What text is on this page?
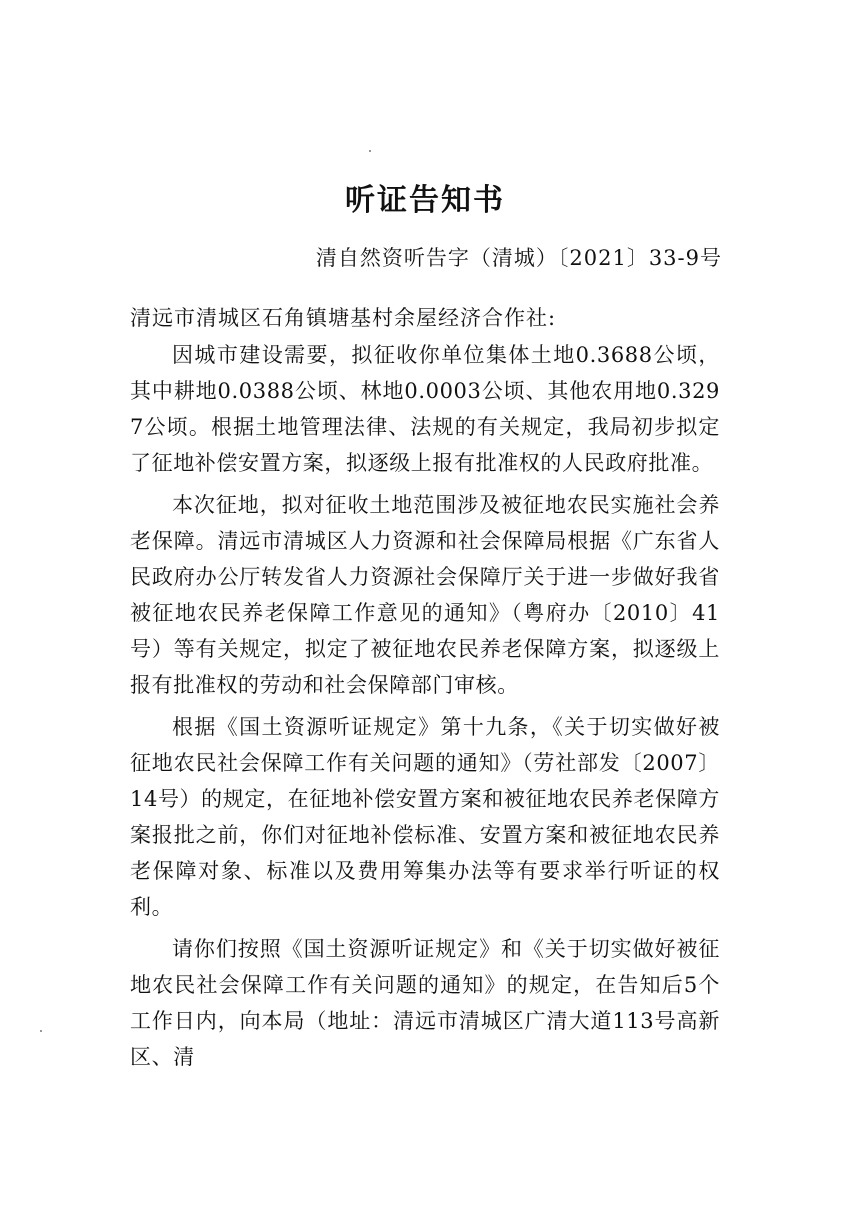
听证告知书
清自然资听告字（清城）〔2021〕33-9号
清远市清城区石角镇塘基村余屋经济合作社:

因城市建设需要，拟征收你单位集体土地0.3688公顷，其中耕地0.0388公顷、林地0.0003公顷、其他农用地0.3297公顷。根据土地管理法律、法规的有关规定，我局初步拟定了征地补偿安置方案，拟逐级上报有批准权的人民政府批准。

本次征地，拟对征收土地范围涉及被征地农民实施社会养老保障。清远市清城区人力资源和社会保障局根据《广东省人民政府办公厅转发省人力资源社会保障厅关于进一步做好我省被征地农民养老保障工作意见的通知》（粤府办〔2010〕41号）等有关规定，拟定了被征地农民养老保障方案，拟逐级上报有批准权的劳动和社会保障部门审核。

根据《国土资源听证规定》第十九条，《关于切实做好被征地农民社会保障工作有关问题的通知》（劳社部发〔2007〕14号）的规定，在征地补偿安置方案和被征地农民养老保障方案报批之前，你们对征地补偿标准、安置方案和被征地农民养老保障对象、标准以及费用筹集办法等有要求举行听证的权利。

请你们按照《国土资源听证规定》和《关于切实做好被征地农民社会保障工作有关问题的通知》的规定，在告知后5个工作日内，向本局（地址：清远市清城区广清大道113号高新区、清
